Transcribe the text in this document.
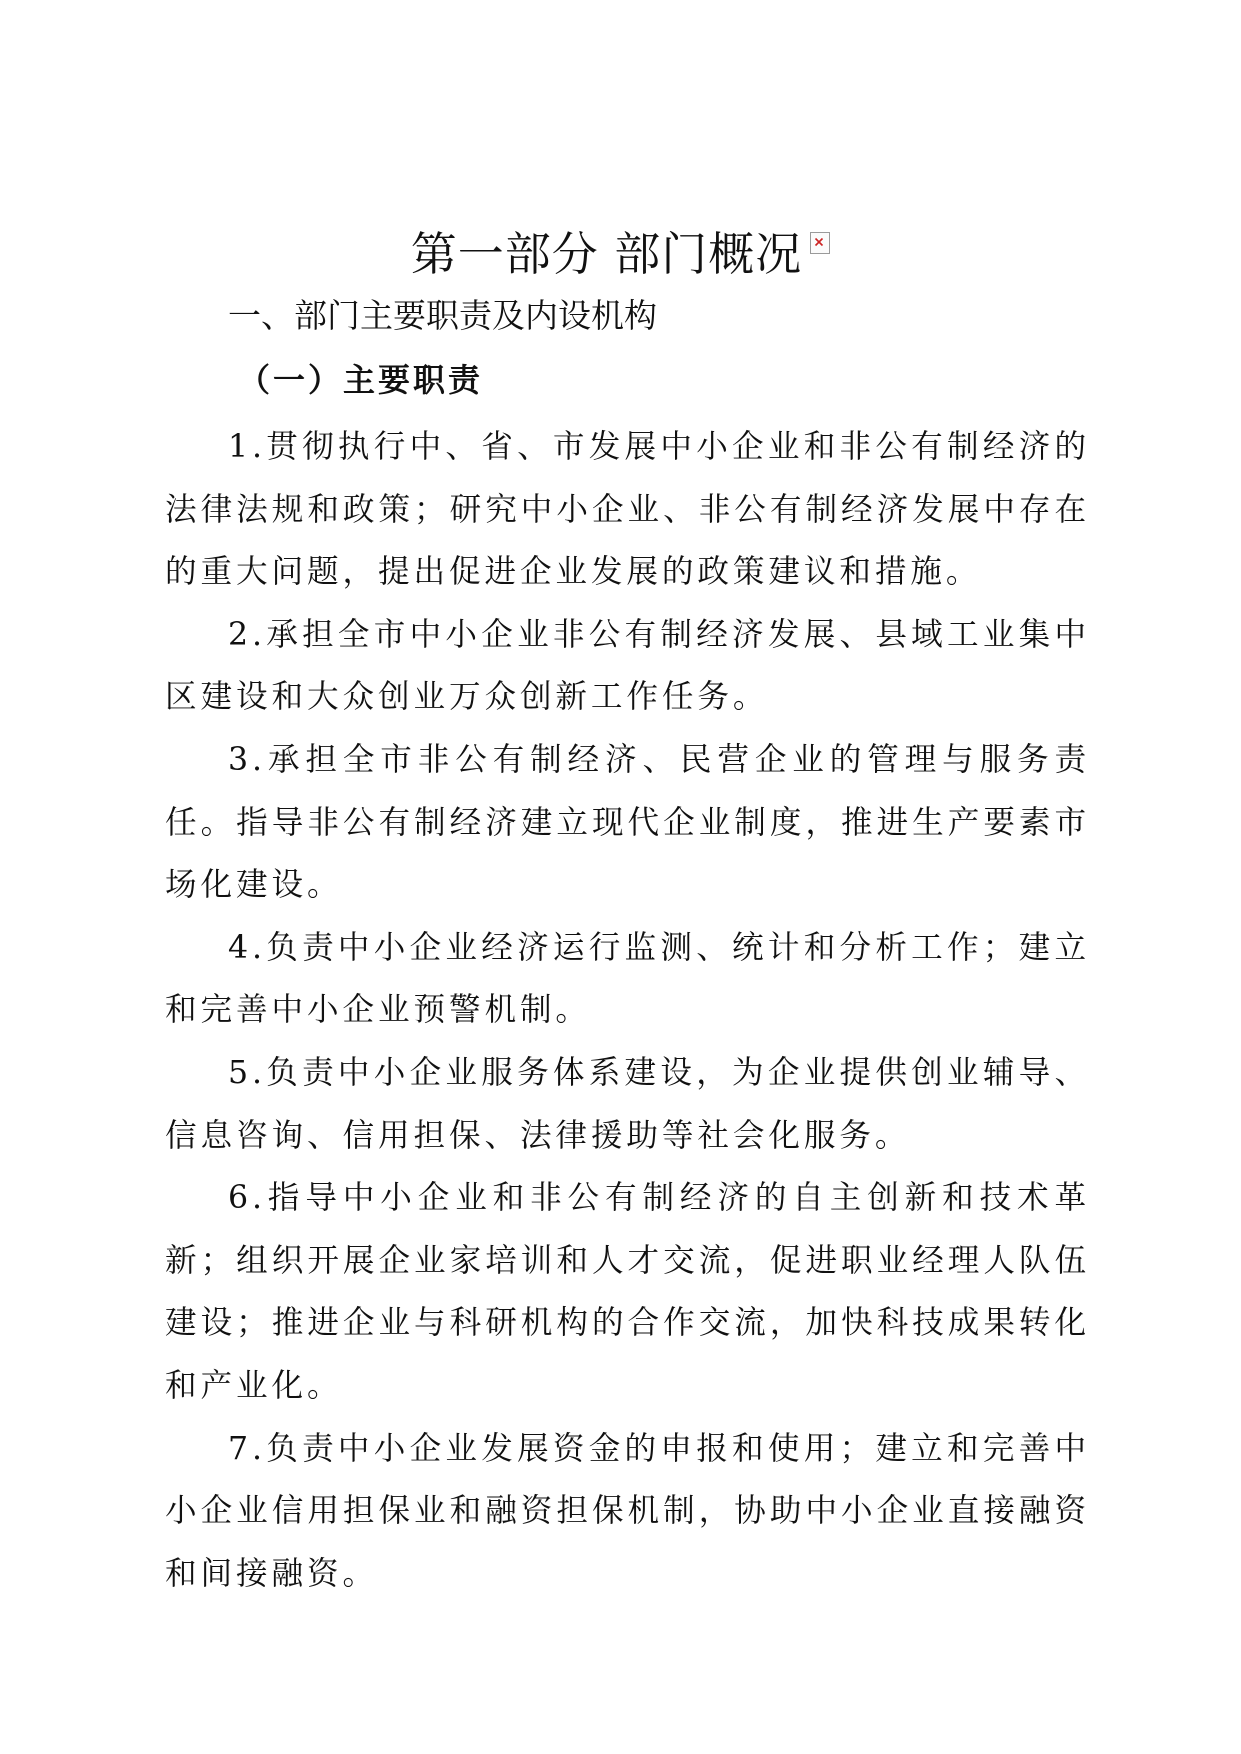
第一部分 部门概况
一、部门主要职责及内设机构
（一）主要职责

1.贯彻执行中、省、市发展中小企业和非公有制经济的法律法规和政策；研究中小企业、非公有制经济发展中存在的重大问题，提出促进企业发展的政策建议和措施。

2.承担全市中小企业非公有制经济发展、县域工业集中区建设和大众创业万众创新工作任务。

3.承担全市非公有制经济、民营企业的管理与服务责任。指导非公有制经济建立现代企业制度，推进生产要素市场化建设。

4.负责中小企业经济运行监测、统计和分析工作；建立和完善中小企业预警机制。

5.负责中小企业服务体系建设，为企业提供创业辅导、信息咨询、信用担保、法律援助等社会化服务。

6.指导中小企业和非公有制经济的自主创新和技术革新；组织开展企业家培训和人才交流，促进职业经理人队伍建设；推进企业与科研机构的合作交流，加快科技成果转化和产业化。

7.负责中小企业发展资金的申报和使用；建立和完善中小企业信用担保业和融资担保机制，协助中小企业直接融资和间接融资。
